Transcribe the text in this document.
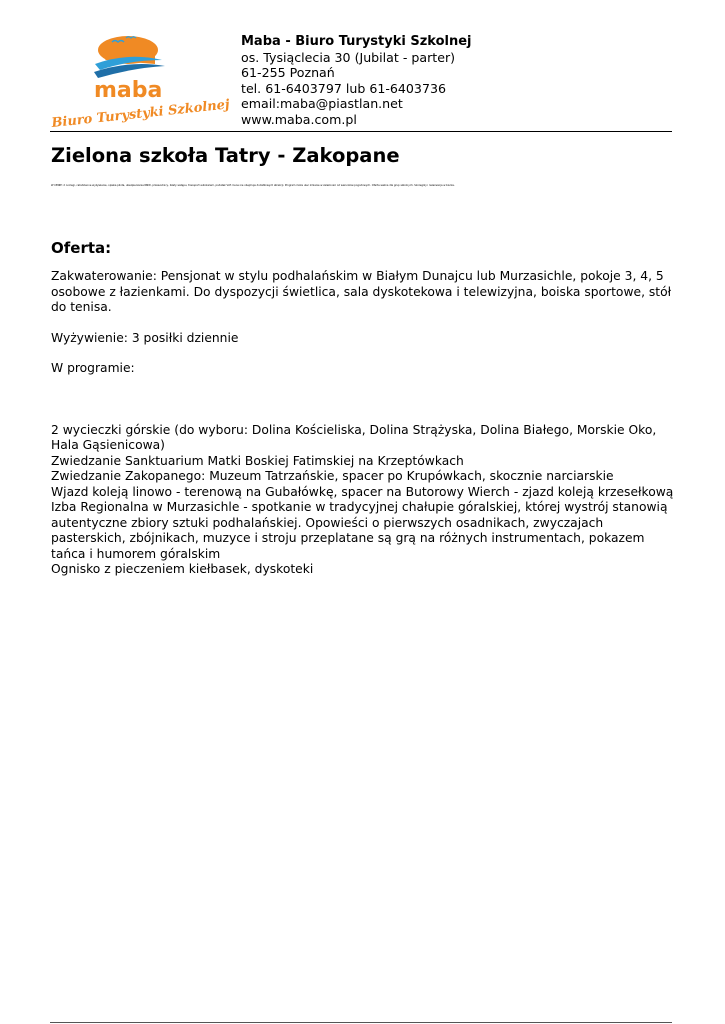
maba
Biuro Turystyki Szkolnej
Maba - Biuro Turystyki Szkolnej
os. Tysiąclecia 30 (Jubilat - parter)
61-255 Poznań
tel. 61-6403797 lub 61-6403736
email:maba@piastlan.net
www.maba.com.pl
Zielona szkoła Tatry - Zakopane
W CENIE: 2 noclegi, całodzienne wyżywienie, opieka pilota, ubezpieczenie NNW, przewodnicy, bilety wstępu, transport autokarem, podatek VAT. Cena nie obejmuje dodatkowych atrakcji. Program może ulec zmianie w zależności od warunków pogodowych. Oferta ważna dla grup szkolnych. Szczegóły i rezerwacja w biurze.
Oferta:

Zakwaterowanie: Pensjonat w stylu podhalańskim w Białym Dunajcu lub Murzasichle, pokoje 3, 4, 5 osobowe z łazienkami. Do dyspozycji świetlica, sala dyskotekowa i telewizyjna, boiska sportowe, stół do tenisa.

Wyżywienie: 3 posiłki dziennie

W programie:

2 wycieczki górskie (do wyboru: Dolina Kościeliska, Dolina Strążyska, Dolina Białego, Morskie Oko, Hala Gąsienicowa)

Zwiedzanie Sanktuarium Matki Boskiej Fatimskiej na Krzeptówkach

Zwiedzanie Zakopanego: Muzeum Tatrzańskie, spacer po Krupówkach, skocznie narciarskie

Wjazd koleją linowo - terenową na Gubałówkę, spacer na Butorowy Wierch - zjazd koleją krzesełkową

Izba Regionalna w Murzasichle - spotkanie w tradycyjnej chałupie góralskiej, której wystrój stanowią autentyczne zbiory sztuki podhalańskiej. Opowieści o pierwszych osadnikach, zwyczajach pasterskich, zbójnikach, muzyce i stroju przeplatane są grą na różnych instrumentach, pokazem tańca i humorem góralskim

Ognisko z pieczeniem kiełbasek, dyskoteki
